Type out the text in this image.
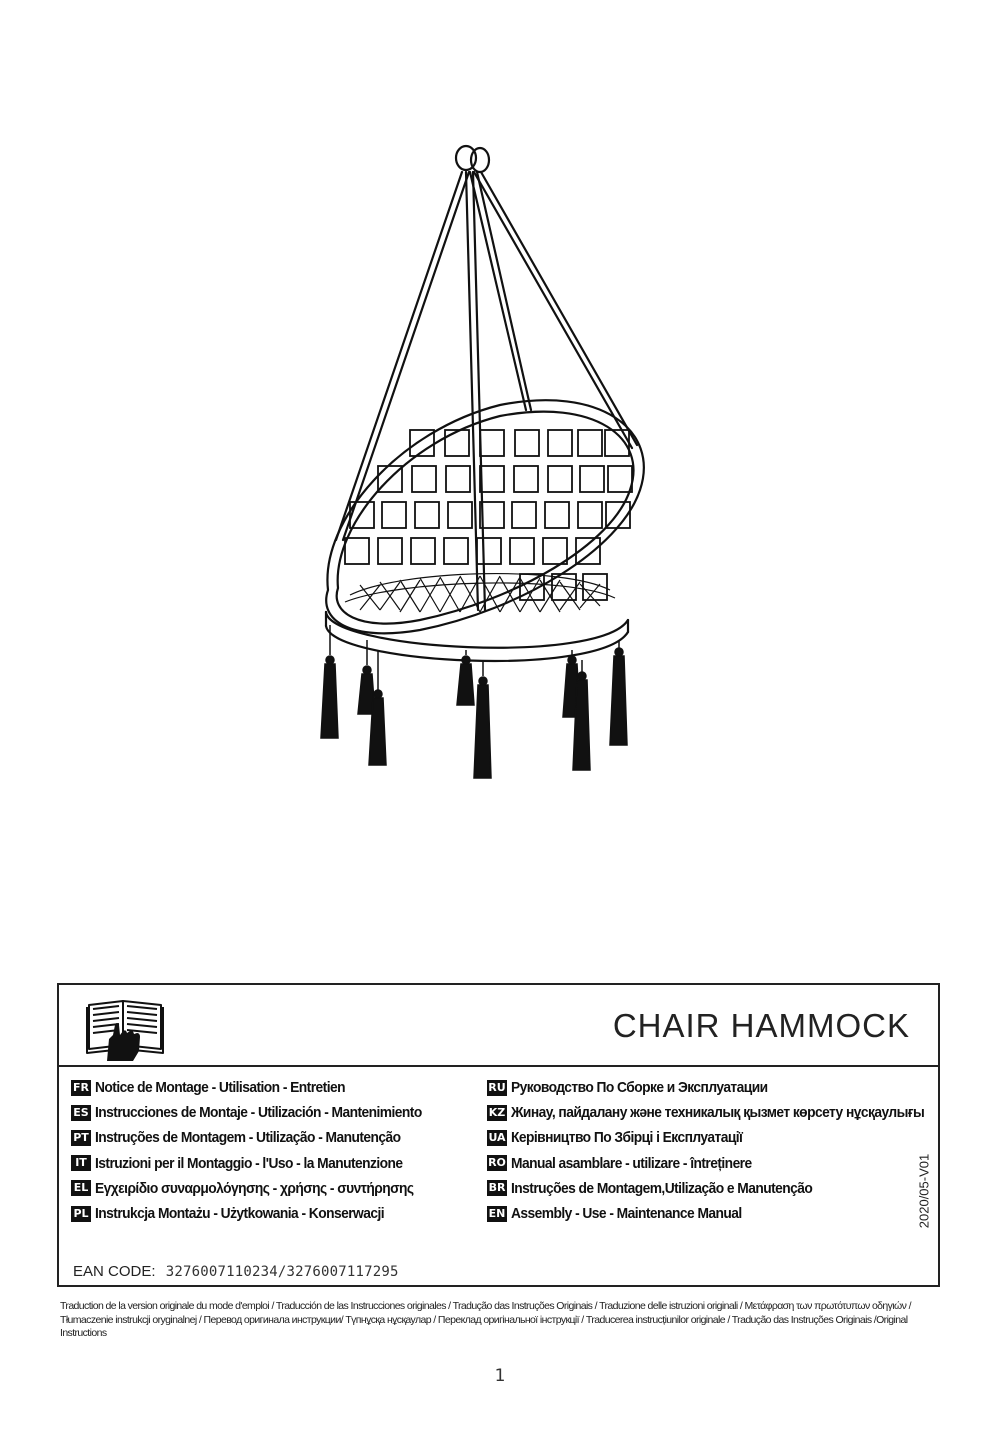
CHAIR HAMMOCK
FR Notice de Montage - Utilisation - Entretien
ES Instrucciones de Montaje - Utilización - Mantenimiento
PT Instruções de Montagem - Utilização - Manutenção
IT Istruzioni per il Montaggio - l'Uso - la Manutenzione
EL Εγχειρίδιο συναρμολόγησης - χρήσης - συντήρησης
PL Instrukcja Montażu - Użytkowania - Konserwacji
RU Руководство По Сборке и Эксплуатации
KZ Жинау, пайдалану және техникалық қызмет көрсету нұсқаулығы
UA Керівництво По Збірці і Експлуатації
RO Manual asamblare - utilizare - întreținere
BR Instruções de Montagem,Utilização e Manutenção
EN Assembly - Use - Maintenance Manual	2020/05-V01
EAN CODE: 3276007110234/3276007117295
Traduction de la version originale du mode d'emploi / Traducción de las Instrucciones originales / Tradução das Instruções Originais / Traduzione delle istruzioni originali / Μετάφραση των πρωτότυπων οδηγιών / Tłumaczenie instrukcji oryginalnej / Перевод оригинала инструкции/ Түпнұсқа нұсқаулар / Переклад оригінальної інструкції / Traducerea instrucțiunilor originale / Tradução das Instruções Originais /Original Instructions
1
